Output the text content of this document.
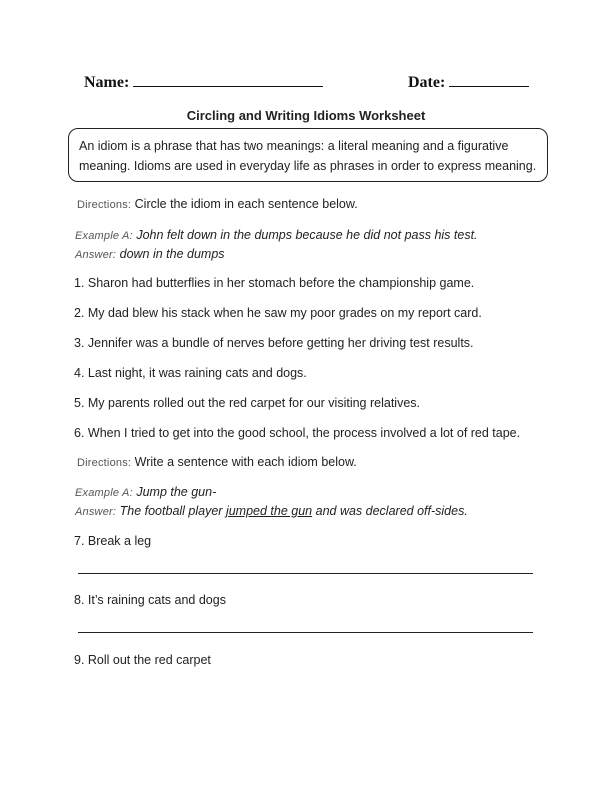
Name:	Date:
Circling and Writing Idioms Worksheet
An idiom is a phrase that has two meanings: a literal meaning and a figurative
meaning. Idioms are used in everyday life as phrases in order to express meaning.
Directions: Circle the idiom in each sentence below.
Example A: John felt down in the dumps because he did not pass his test.
Answer: down in the dumps
1. Sharon had butterflies in her stomach before the championship game.
2. My dad blew his stack when he saw my poor grades on my report card.
3. Jennifer was a bundle of nerves before getting her driving test results.
4. Last night, it was raining cats and dogs.
5. My parents rolled out the red carpet for our visiting relatives.
6. When I tried to get into the good school, the process involved a lot of red tape.
Directions: Write a sentence with each idiom below.
Example A: Jump the gun-
Answer: The football player jumped the gun and was declared off-sides.
7. Break a leg
8. It’s raining cats and dogs
9. Roll out the red carpet
